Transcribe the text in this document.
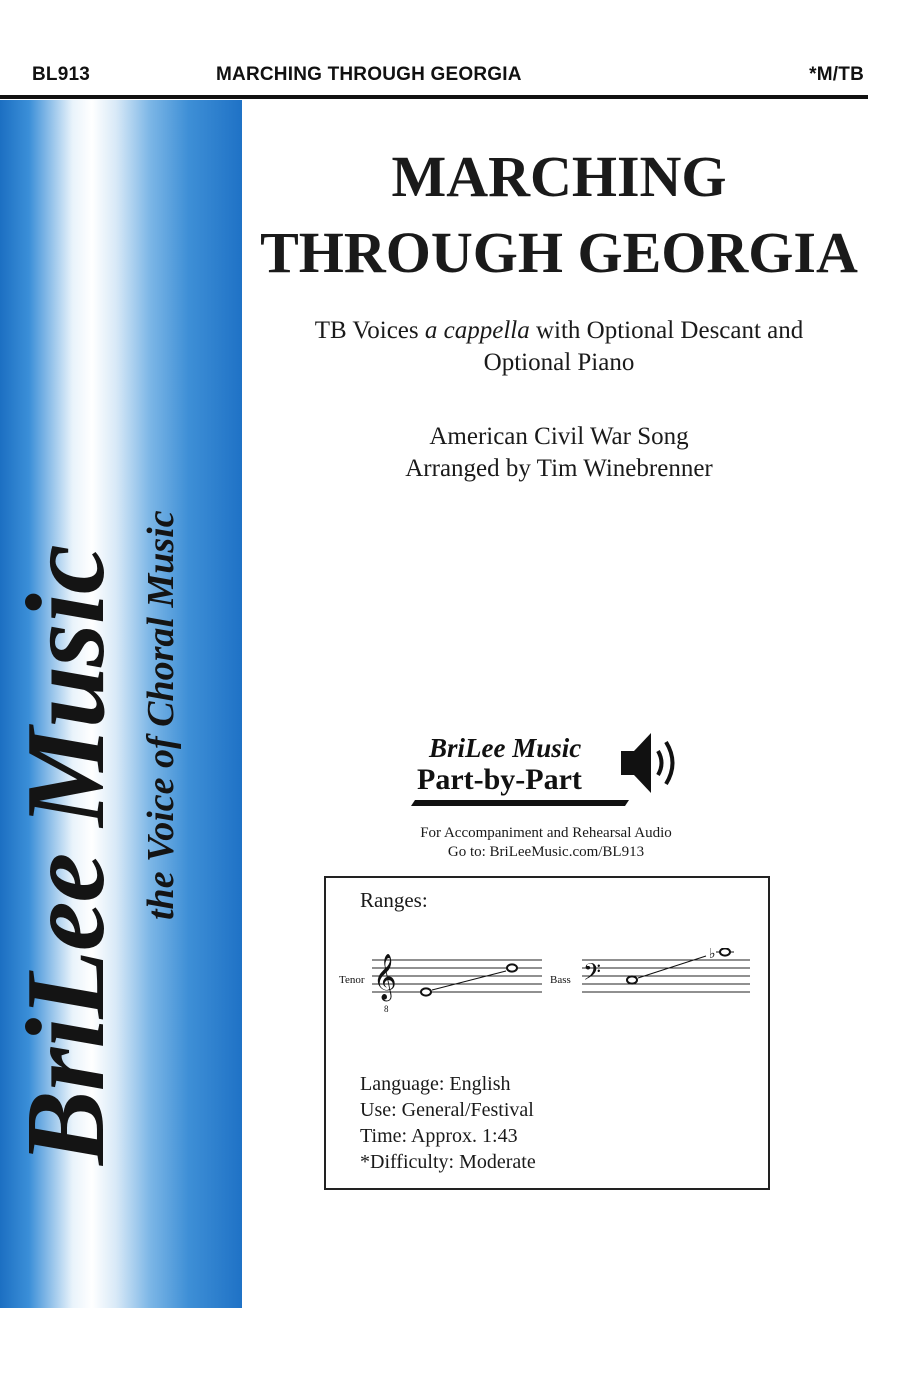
BL913	MARCHING THROUGH GEORGIA	*M/TB
BriLee Music the Voice of Choral Music
MARCHING
THROUGH GEORGIA
TB Voices a cappella with Optional Descant and
Optional Piano
American Civil War Song
Arranged by Tim Winebrenner
BriLee Music
Part-by-Part
For Accompaniment and Rehearsal Audio
Go to: BriLeeMusic.com/BL913
Ranges:
Tenor 𝄞
8
Bass 𝄢
♭
Language: English
Use: General/Festival
Time: Approx. 1:43
*Difficulty: Moderate
